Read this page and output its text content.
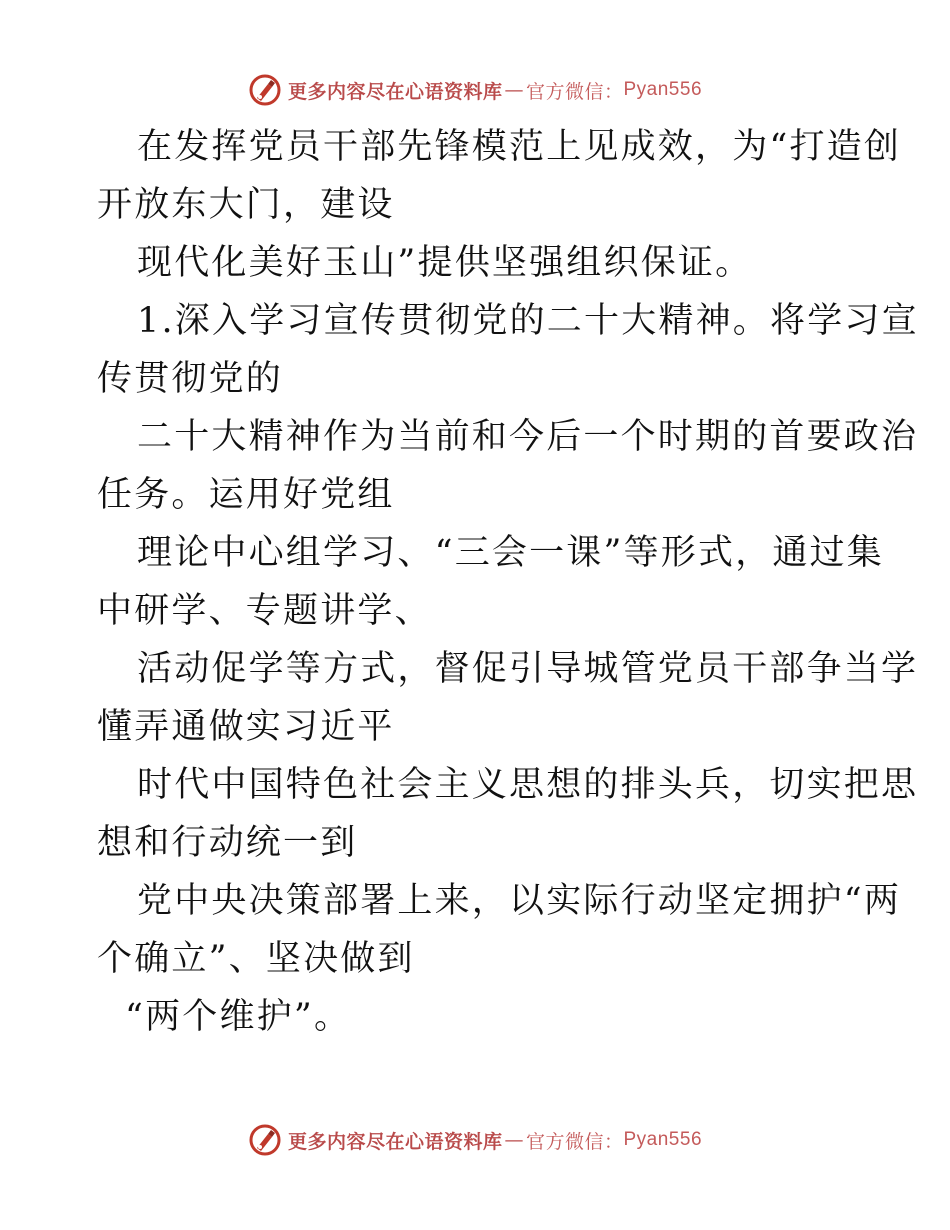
更多内容尽在心语资料库 — 官方微信： Pyan556
在发挥党员干部先锋模范上见成效，为“打造创
开放东大门，建设
现代化美好玉山”提供坚强组织保证。
1.深入学习宣传贯彻党的二十大精神。将学习宣
传贯彻党的
二十大精神作为当前和今后一个时期的首要政治
任务。运用好党组
理论中心组学习、“三会一课”等形式，通过集
中研学、专题讲学、
活动促学等方式，督促引导城管党员干部争当学
懂弄通做实习近平
时代中国特色社会主义思想的排头兵，切实把思
想和行动统一到
党中央决策部署上来，以实际行动坚定拥护“两
个确立”、坚决做到
“两个维护”。
更多内容尽在心语资料库 — 官方微信： Pyan556
